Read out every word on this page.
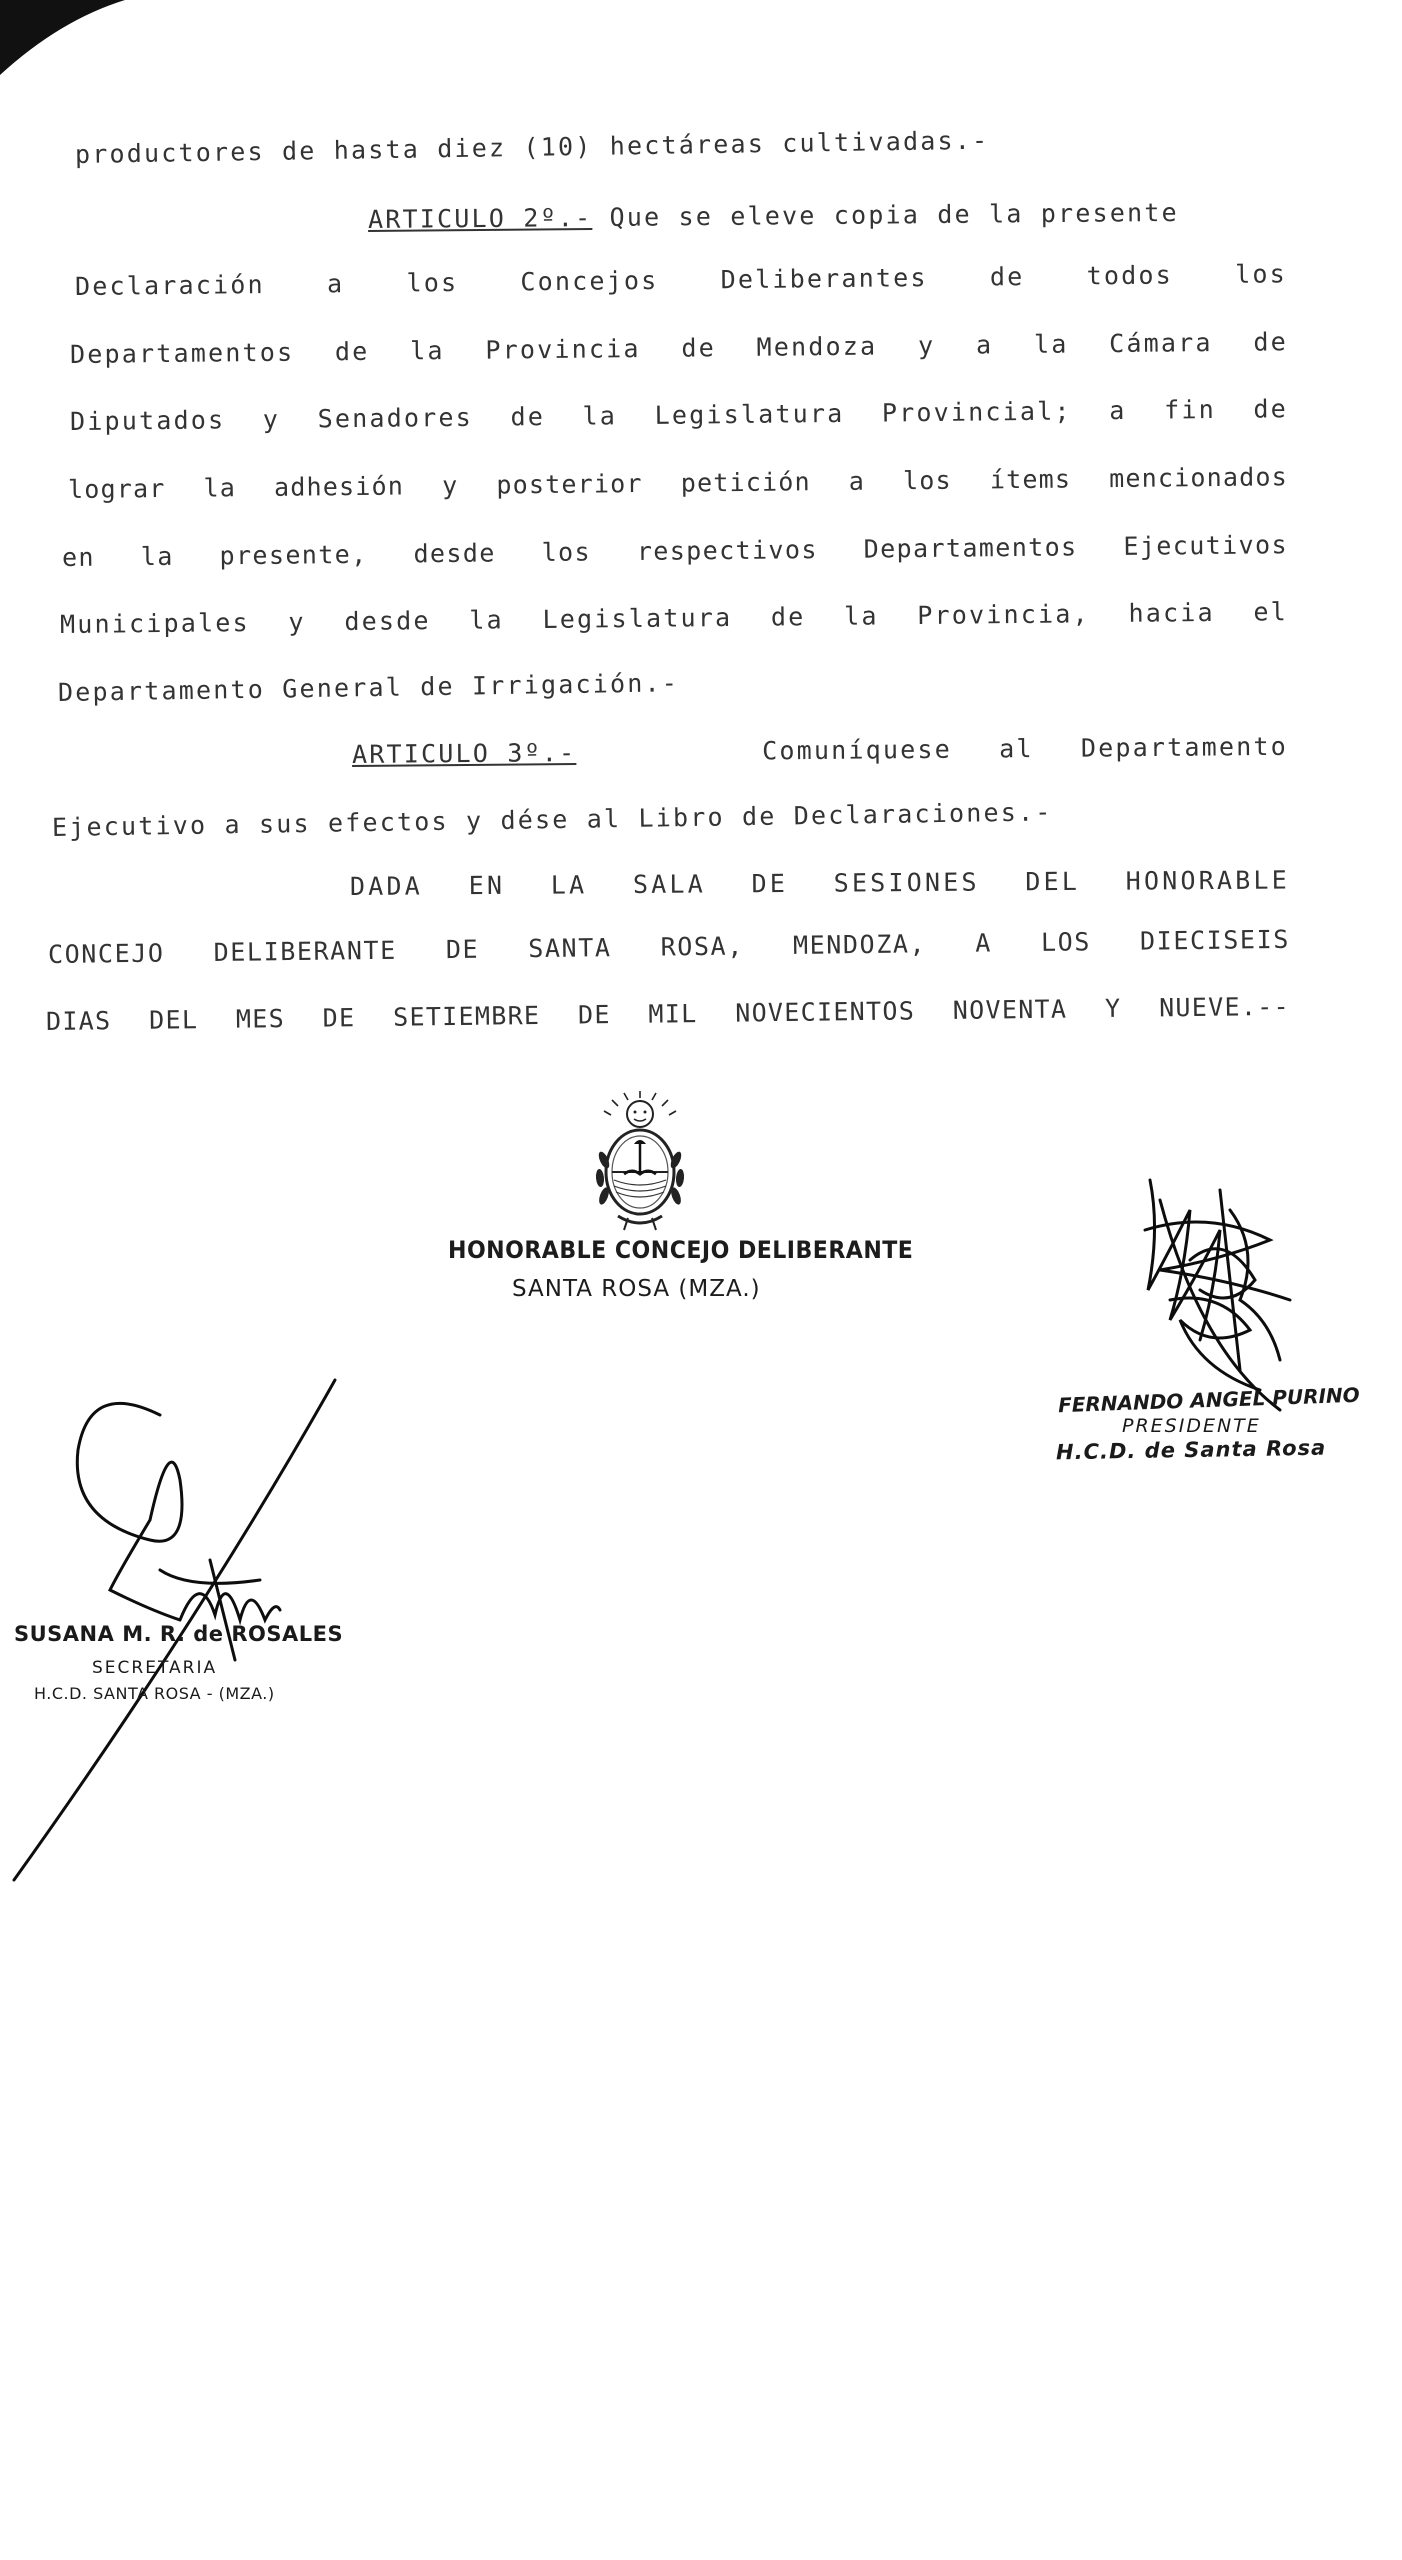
productores de hasta diez (10) hectáreas cultivadas.-
ARTICULO 2º.- Que se eleve copia de la presente
Declaración a los Concejos Deliberantes de todos los
Departamentos de la Provincia de Mendoza y a la Cámara de
Diputados y Senadores de la Legislatura Provincial; a fin de
lograr la adhesión y posterior petición a los ítems mencionados
en la presente, desde los respectivos Departamentos Ejecutivos
Municipales y desde la Legislatura de la Provincia, hacia el
Departamento General de Irrigación.-
ARTICULO 3º.-	Comuníquese al Departamento
Ejecutivo a sus efectos y dése al Libro de Declaraciones.-
DADA EN LA SALA DE SESIONES DEL HONORABLE
CONCEJO DELIBERANTE DE SANTA ROSA, MENDOZA, A LOS DIECISEIS
DIAS DEL MES DE SETIEMBRE DE MIL NOVECIENTOS NOVENTA Y NUEVE.--
HONORABLE CONCEJO DELIBERANTE
SANTA ROSA (MZA.)
FERNANDO ANGEL PURINO
PRESIDENTE
H.C.D. de Santa Rosa
SUSANA M. R. de ROSALES
SECRETARIA
H.C.D. SANTA ROSA - (MZA.)
